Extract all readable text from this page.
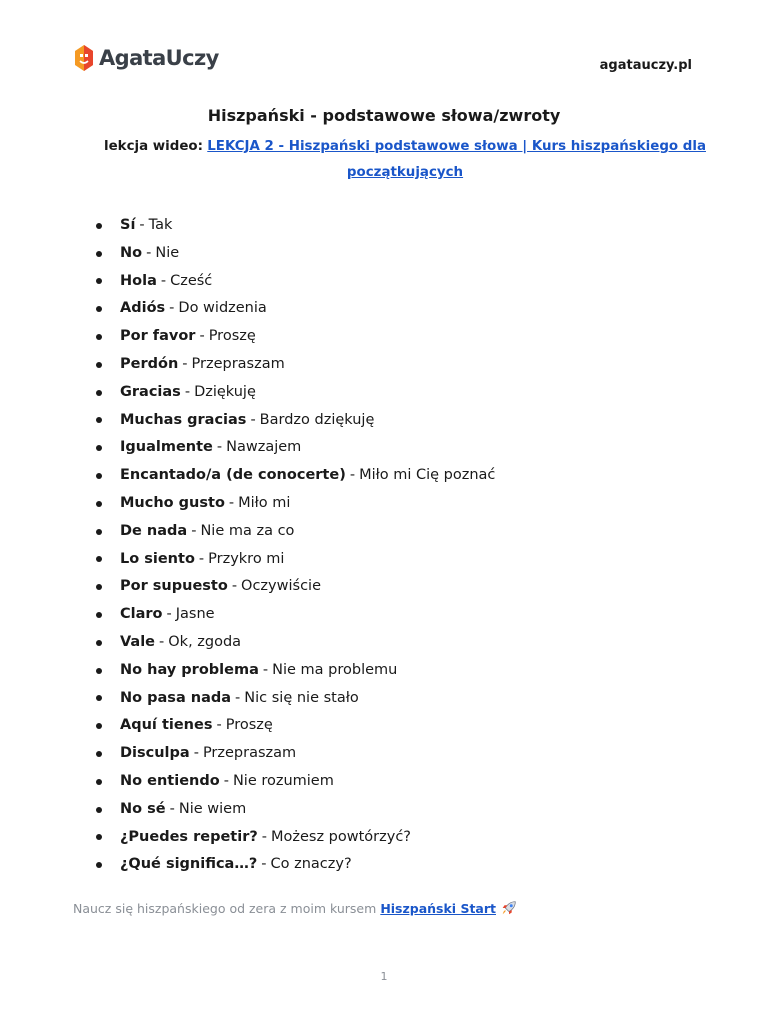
AgataUczy	agatauczy.pl
Hiszpański - podstawowe słowa/zwroty
lekcja wideo: LEKCJA 2 - Hiszpański podstawowe słowa | Kurs hiszpańskiego dla początkujących
Sí - Tak
No - Nie
Hola - Cześć
Adiós - Do widzenia
Por favor - Proszę
Perdón - Przepraszam
Gracias - Dziękuję
Muchas gracias - Bardzo dziękuję
Igualmente - Nawzajem
Encantado/a (de conocerte) - Miło mi Cię poznać
Mucho gusto - Miło mi
De nada - Nie ma za co
Lo siento - Przykro mi
Por supuesto - Oczywiście
Claro - Jasne
Vale - Ok, zgoda
No hay problema - Nie ma problemu
No pasa nada - Nic się nie stało
Aquí tienes - Proszę
Disculpa - Przepraszam
No entiendo - Nie rozumiem
No sé - Nie wiem
¿Puedes repetir? - Możesz powtórzyć?
¿Qué significa…? - Co znaczy?
Naucz się hiszpańskiego od zera z moim kursem Hiszpański Start
1
